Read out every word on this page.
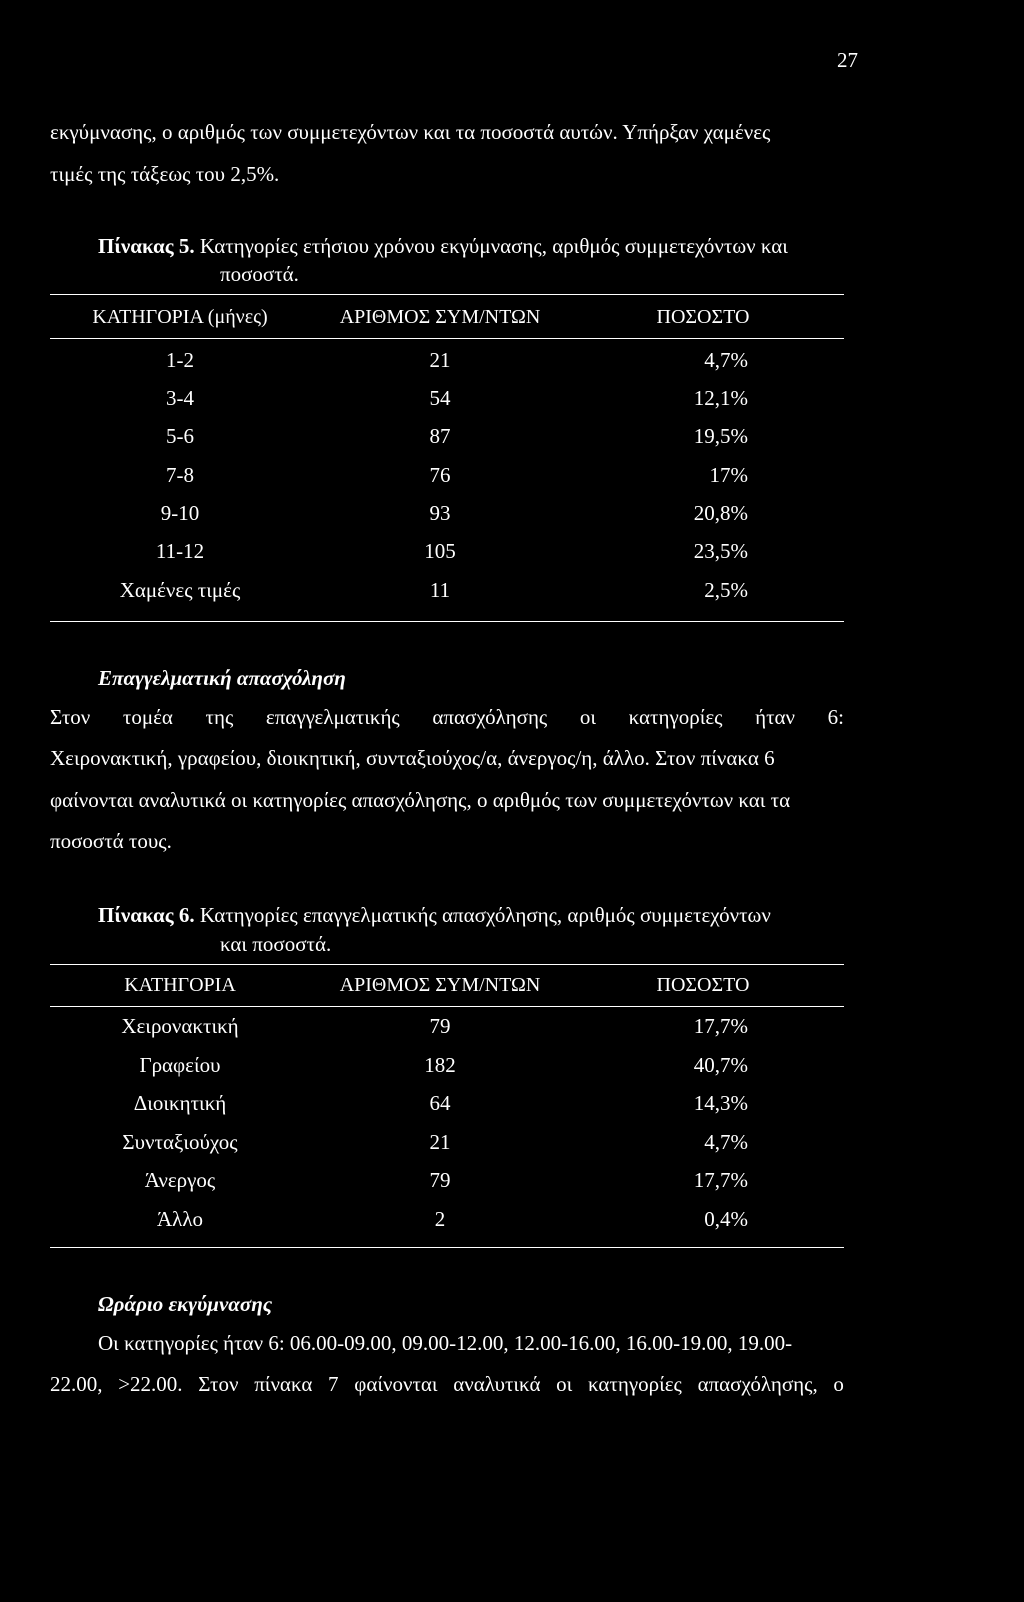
27
εκγύμνασης, ο αριθμός των συμμετεχόντων και τα ποσοστά αυτών. Υπήρξαν χαμένες
τιμές της τάξεως του 2,5%.
Πίνακας 5. Κατηγορίες ετήσιου χρόνου εκγύμνασης, αριθμός συμμετεχόντων και
ποσοστά.
ΚΑΤΗΓΟΡΙΑ (μήνες)	ΑΡΙΘΜΟΣ ΣΥΜ/ΝΤΩΝ	ΠΟΣΟΣΤΟ
1-2	21	4,7%
3-4	54	12,1%
5-6	87	19,5%
7-8	76	17%
9-10	93	20,8%
11-12	105	23,5%
Χαμένες τιμές	11	2,5%
Επαγγελματική απασχόληση
Στον τομέα της επαγγελματικής απασχόλησης οι κατηγορίες ήταν 6:
Χειρονακτική, γραφείου, διοικητική, συνταξιούχος/α, άνεργος/η, άλλο. Στον πίνακα 6
φαίνονται αναλυτικά οι κατηγορίες απασχόλησης, ο αριθμός των συμμετεχόντων και τα
ποσοστά τους.
Πίνακας 6. Κατηγορίες επαγγελματικής απασχόλησης, αριθμός συμμετεχόντων
και ποσοστά.
ΚΑΤΗΓΟΡΙΑ	ΑΡΙΘΜΟΣ ΣΥΜ/ΝΤΩΝ	ΠΟΣΟΣΤΟ
Χειρονακτική	79	17,7%
Γραφείου	182	40,7%
Διοικητική	64	14,3%
Συνταξιούχος	21	4,7%
Άνεργος	79	17,7%
Άλλο	2	0,4%
Ωράριο εκγύμνασης
Οι κατηγορίες ήταν 6: 06.00-09.00, 09.00-12.00, 12.00-16.00, 16.00-19.00, 19.00-
22.00, >22.00. Στον πίνακα 7 φαίνονται αναλυτικά οι κατηγορίες απασχόλησης, ο
